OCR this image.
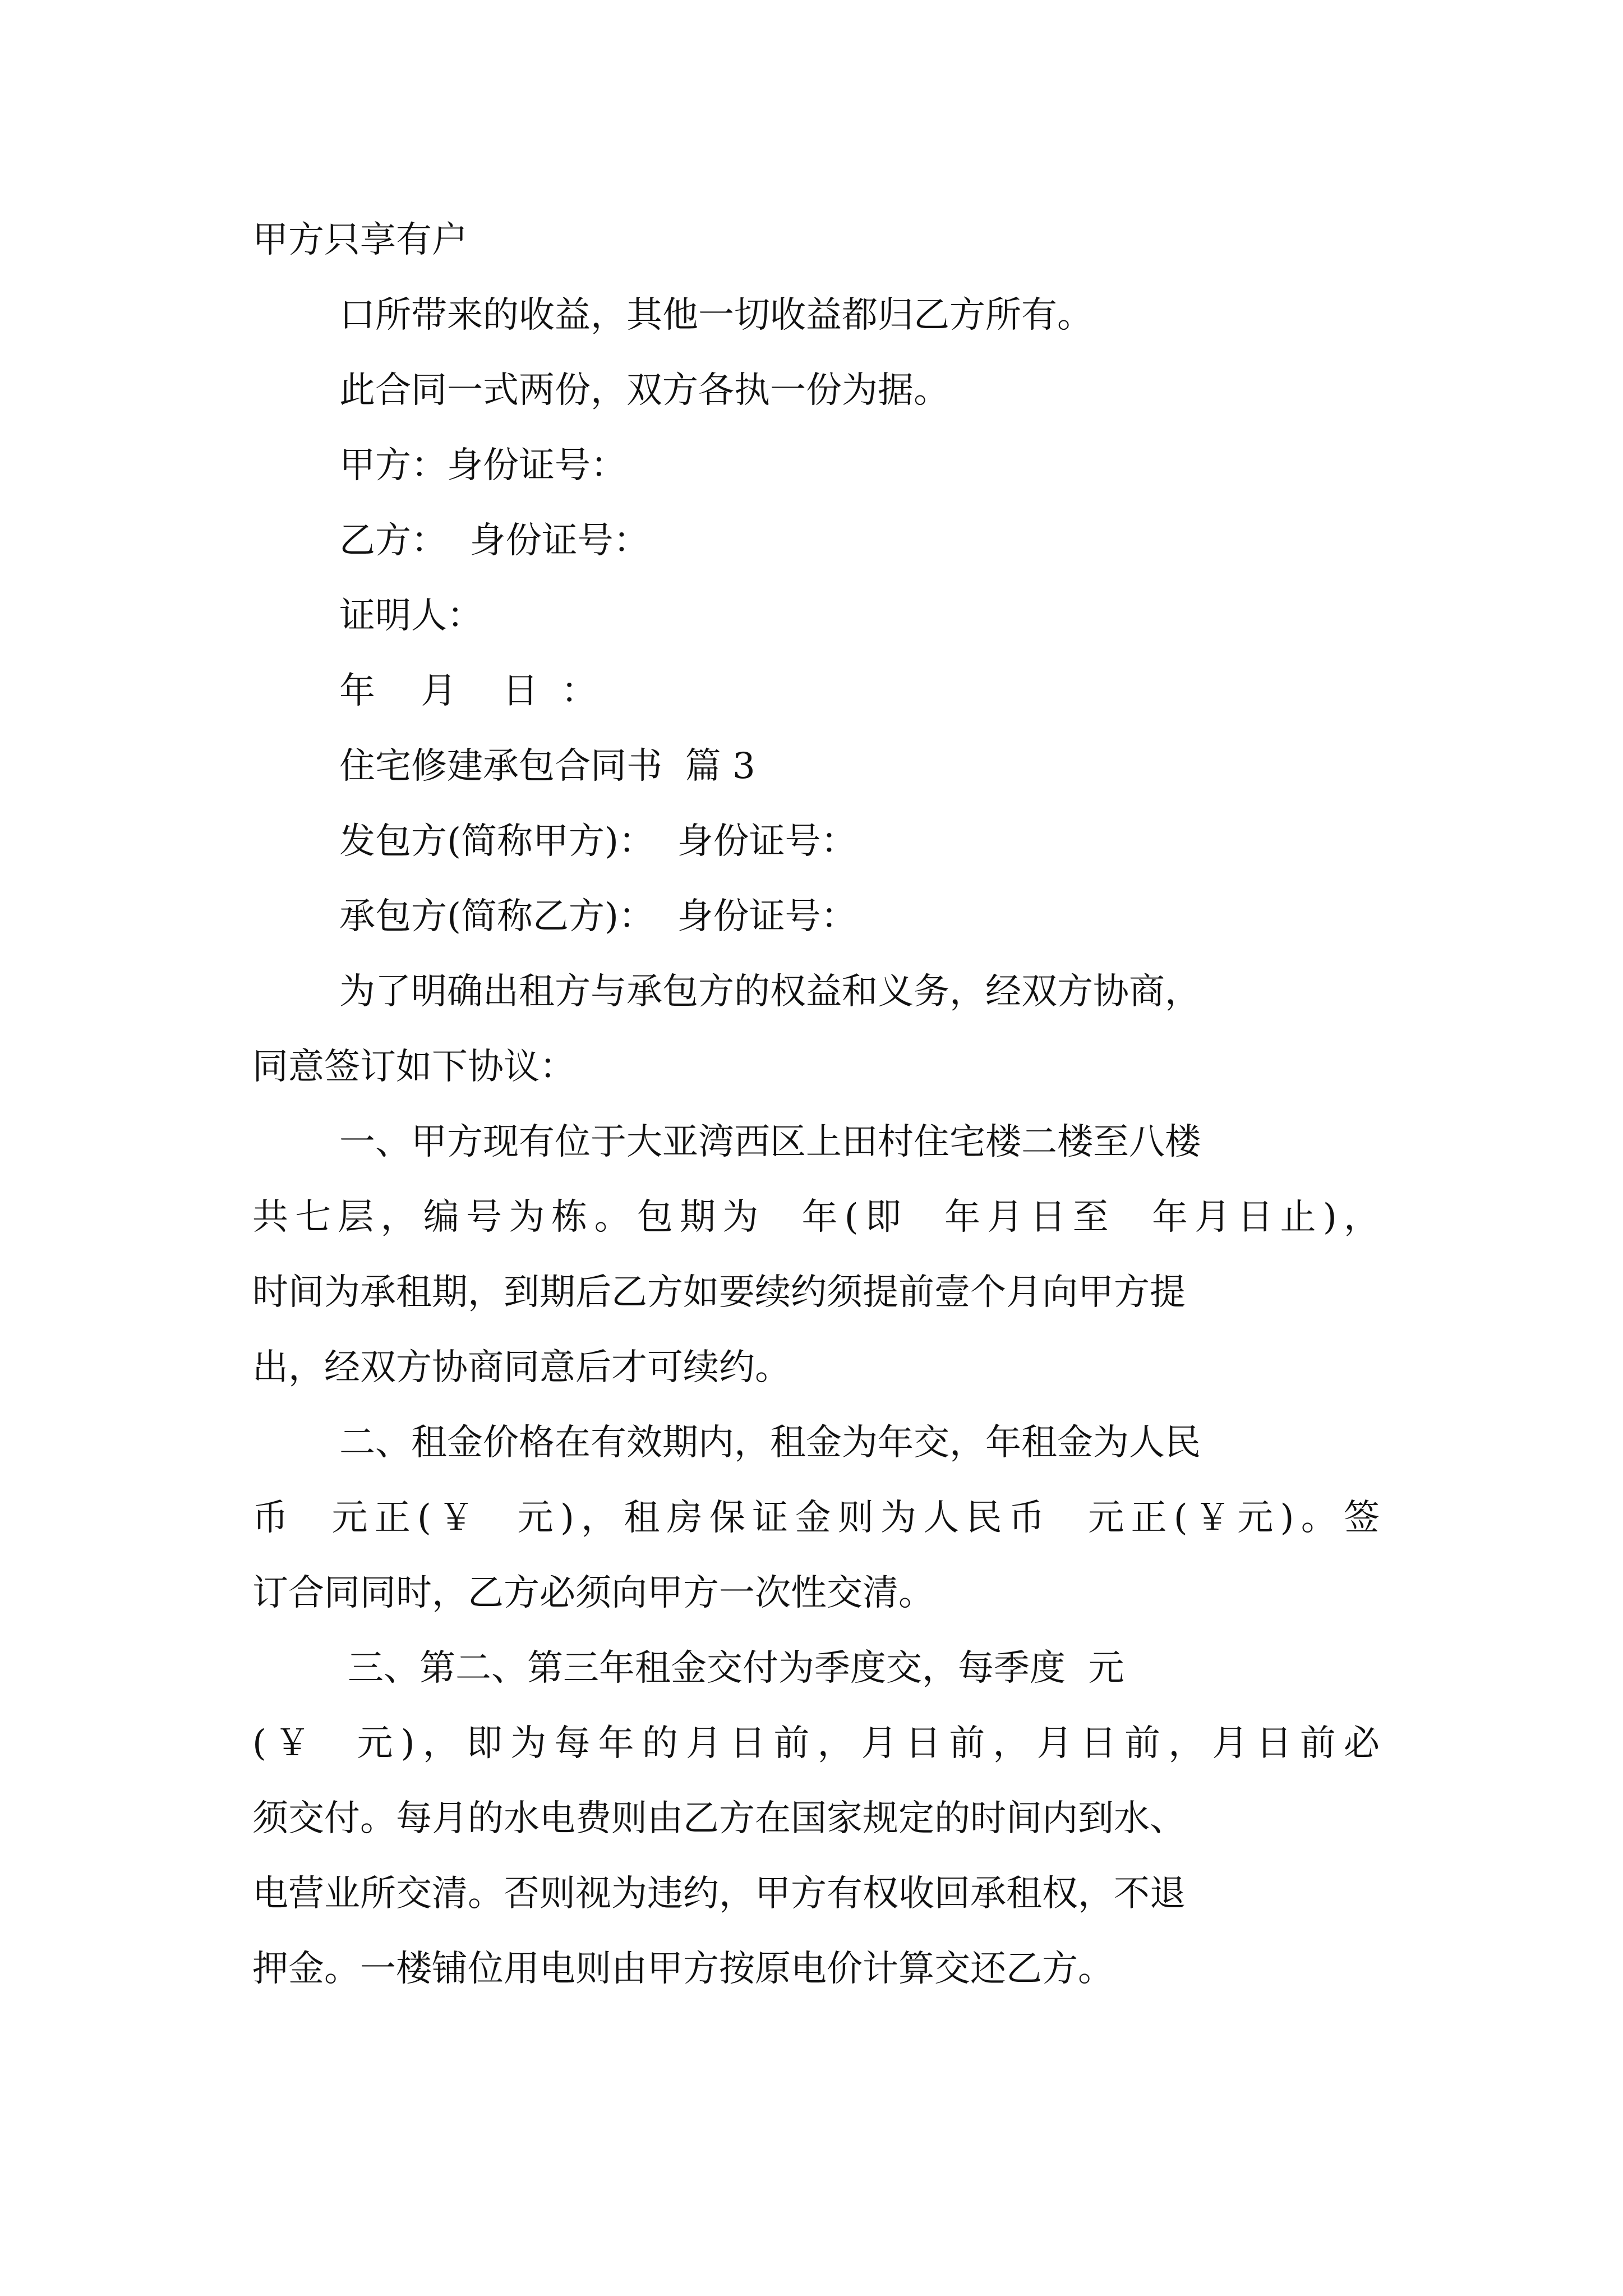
甲方只享有户

口所带来的收益，其他一切收益都归乙方所有。

此合同一式两份，双方各执一份为据。

甲方：身份证号：

乙方：  身份证号：

证明人：

年    月    日  ：

住宅修建承包合同书  篇 3

发包方(简称甲方)：  身份证号：

承包方(简称乙方)：  身份证号：

为了明确出租方与承包方的权益和义务，经双方协商，

同意签订如下协议：

一、甲方现有位于大亚湾西区上田村住宅楼二楼至八楼

共七层，编号为栋。包期为  年(即  年月日至  年月日止)，

时间为承租期，到期后乙方如要续约须提前壹个月向甲方提

出，经双方协商同意后才可续约。

二、租金价格在有效期内，租金为年交，年租金为人民

币  元正(￥  元)，租房保证金则为人民币  元正(￥元)。签

订合同同时，乙方必须向甲方一次性交清。

三、第二、第三年租金交付为季度交，每季度  元

(￥  元)，即为每年的月日前，月日前，月日前，月日前必

须交付。每月的水电费则由乙方在国家规定的时间内到水、

电营业所交清。否则视为违约，甲方有权收回承租权，不退

押金。一楼铺位用电则由甲方按原电价计算交还乙方。
